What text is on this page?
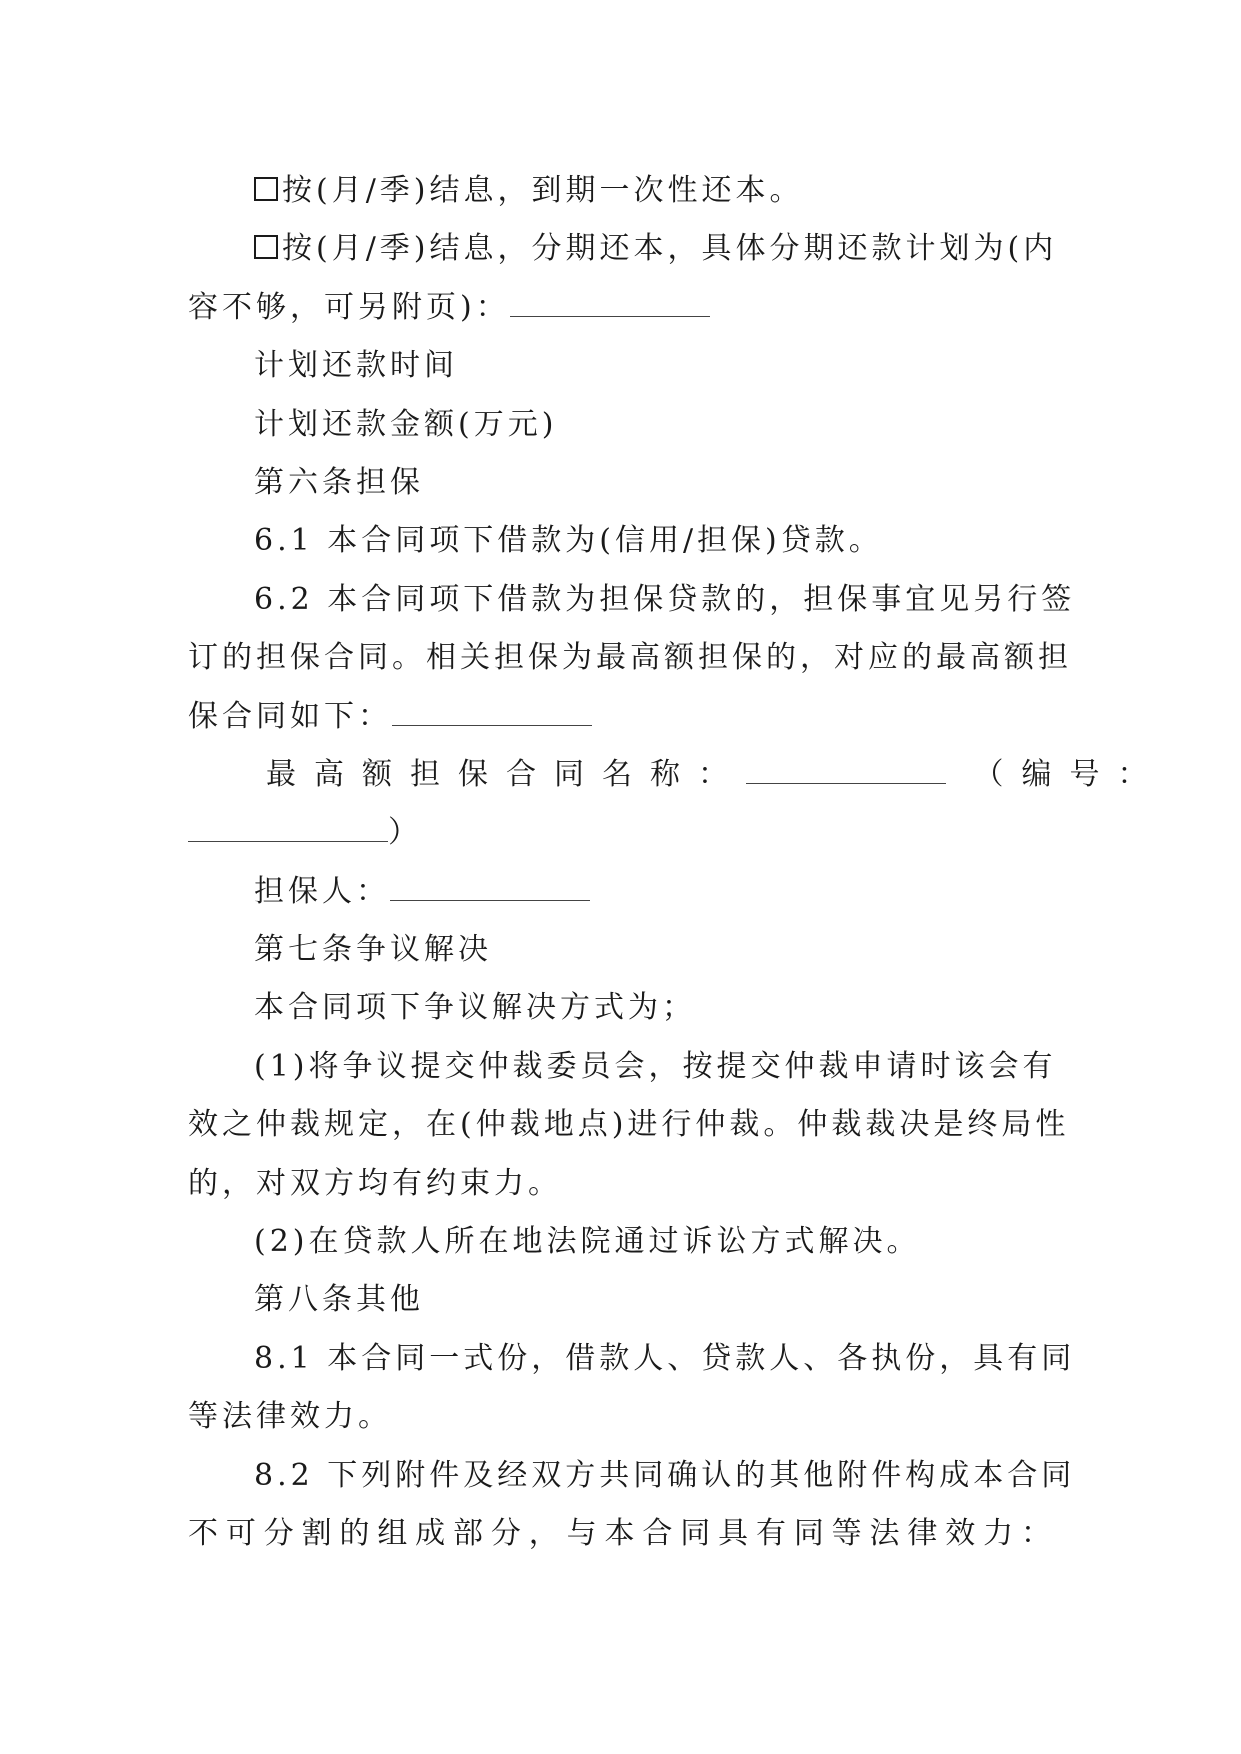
按(月/季)结息，到期一次性还本。
按(月/季)结息，分期还本，具体分期还款计划为(内
容不够，可另附页)：
计划还款时间
计划还款金额(万元)
第六条担保
6.1 本合同项下借款为(信用/担保)贷款。
6.2 本合同项下借款为担保贷款的，担保事宜见另行签
订的担保合同。相关担保为最高额担保的，对应的最高额担
保合同如下：
最高额担保合同名称：	（编号：
）
担保人：
第七条争议解决
本合同项下争议解决方式为；
(1)将争议提交仲裁委员会，按提交仲裁申请时该会有
效之仲裁规定，在(仲裁地点)进行仲裁。仲裁裁决是终局性
的，对双方均有约束力。
(2)在贷款人所在地法院通过诉讼方式解决。
第八条其他
8.1 本合同一式份，借款人、贷款人、各执份，具有同
等法律效力。
8.2 下列附件及经双方共同确认的其他附件构成本合同
不可分割的组成部分，与本合同具有同等法律效力：
